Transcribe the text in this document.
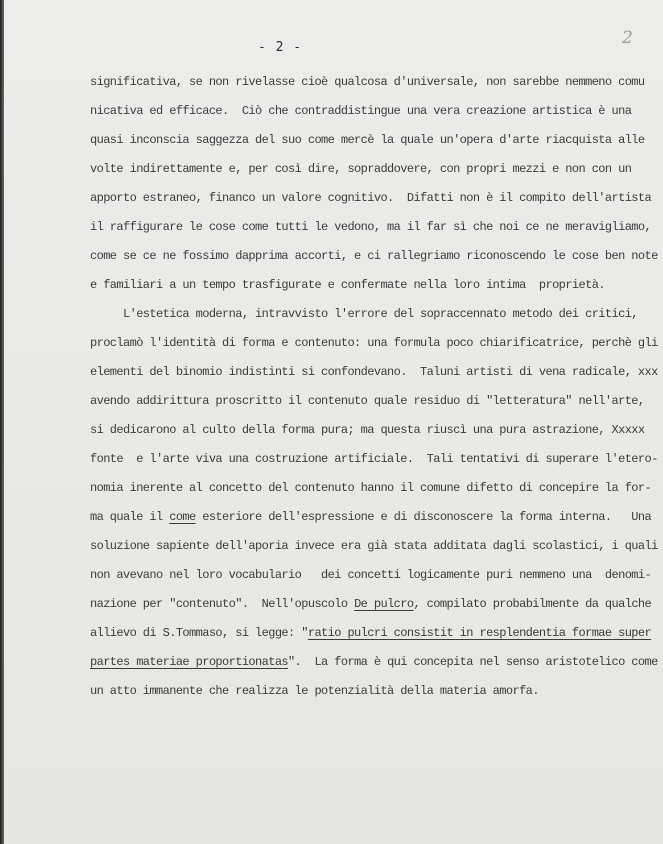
- 2 -	2
significativa, se non rivelasse cioè qualcosa d'universale, non sarebbe nemmeno comu
nicativa ed efficace.  Ciò che contraddistingue una vera creazione artistica è una
quasi inconscia saggezza del suo come mercè la quale un'opera d'arte riacquista alle
volte indirettamente e, per così dire, sopraddovere, con propri mezzi e non con un
apporto estraneo, financo un valore cognitivo.  Difatti non è il compito dell'artista
il raffigurare le cose come tutti le vedono, ma il far sì che noi ce ne meravigliamo,
come se ce ne fossimo dapprima accorti, e ci rallegriamo riconoscendo le cose ben note
e familiari a un tempo trasfigurate e confermate nella loro intima  proprietà.
L'estetica moderna, intravvisto l'errore del sopraccennato metodo dei critici,
proclamò l'identità di forma e contenuto: una formula poco chiarificatrice, perchè gli
elementi del binomio indistinti si confondevano.  Taluni artisti di vena radicale, xxx
avendo addirittura proscritto il contenuto quale residuo di "letteratura" nell'arte,
si dedicarono al culto della forma pura; ma questa riuscì una pura astrazione, Xxxxx
fonte  e l'arte viva una costruzione artificiale.  Tali tentativi di superare l'etero-
nomia inerente al concetto del contenuto hanno il comune difetto di concepire la for-
ma quale il come esteriore dell'espressione e di disconoscere la forma interna.   Una
soluzione sapiente dell'aporia invece era già stata additata dagli scolastici, i quali
non avevano nel loro vocabulario   dei concetti logicamente puri nemmeno una  denomi-
nazione per "contenuto".  Nell'opuscolo De pulcro, compilato probabilmente da qualche
allievo di S.Tommaso, si legge: "ratio pulcri consistit in resplendentia formae super
partes materiae proportionatas".  La forma è qui concepita nel senso aristotelico come
un atto immanente che realizza le potenzialità della materia amorfa.
